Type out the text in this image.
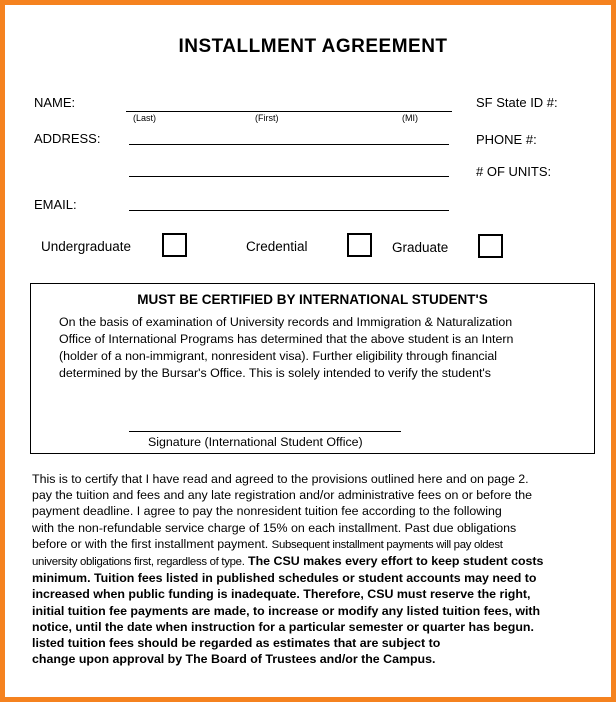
INSTALLMENT AGREEMENT
NAME:
(Last)	(First)	(MI)
SF State ID #:
ADDRESS:	PHONE #:
# OF UNITS:
EMAIL:
Undergraduate	Credential	Graduate
MUST BE CERTIFIED BY INTERNATIONAL STUDENT'S
On the basis of examination of University records and Immigration & Naturalization
Office of International Programs has determined that the above student is an Intern
(holder of a non-immigrant, nonresident visa). Further eligibility through financial
determined by the Bursar's Office. This is solely intended to verify the student's
Signature (International Student Office)
This is to certify that I have read and agreed to the provisions outlined here and on page 2.
pay the tuition and fees and any late registration and/or administrative fees on or before the
payment deadline. I agree to pay the nonresident tuition fee according to the following
with the non-refundable service charge of 15% on each installment. Past due obligations
before or with the first installment payment. Subsequent installment payments will pay oldest
university obligations first, regardless of type. The CSU makes every effort to keep student costs
minimum. Tuition fees listed in published schedules or student accounts may need to
increased when public funding is inadequate. Therefore, CSU must reserve the right,
initial tuition fee payments are made, to increase or modify any listed tuition fees, with
notice, until the date when instruction for a particular semester or quarter has begun.
listed tuition fees should be regarded as estimates that are subject to
change upon approval by The Board of Trustees and/or the Campus.
